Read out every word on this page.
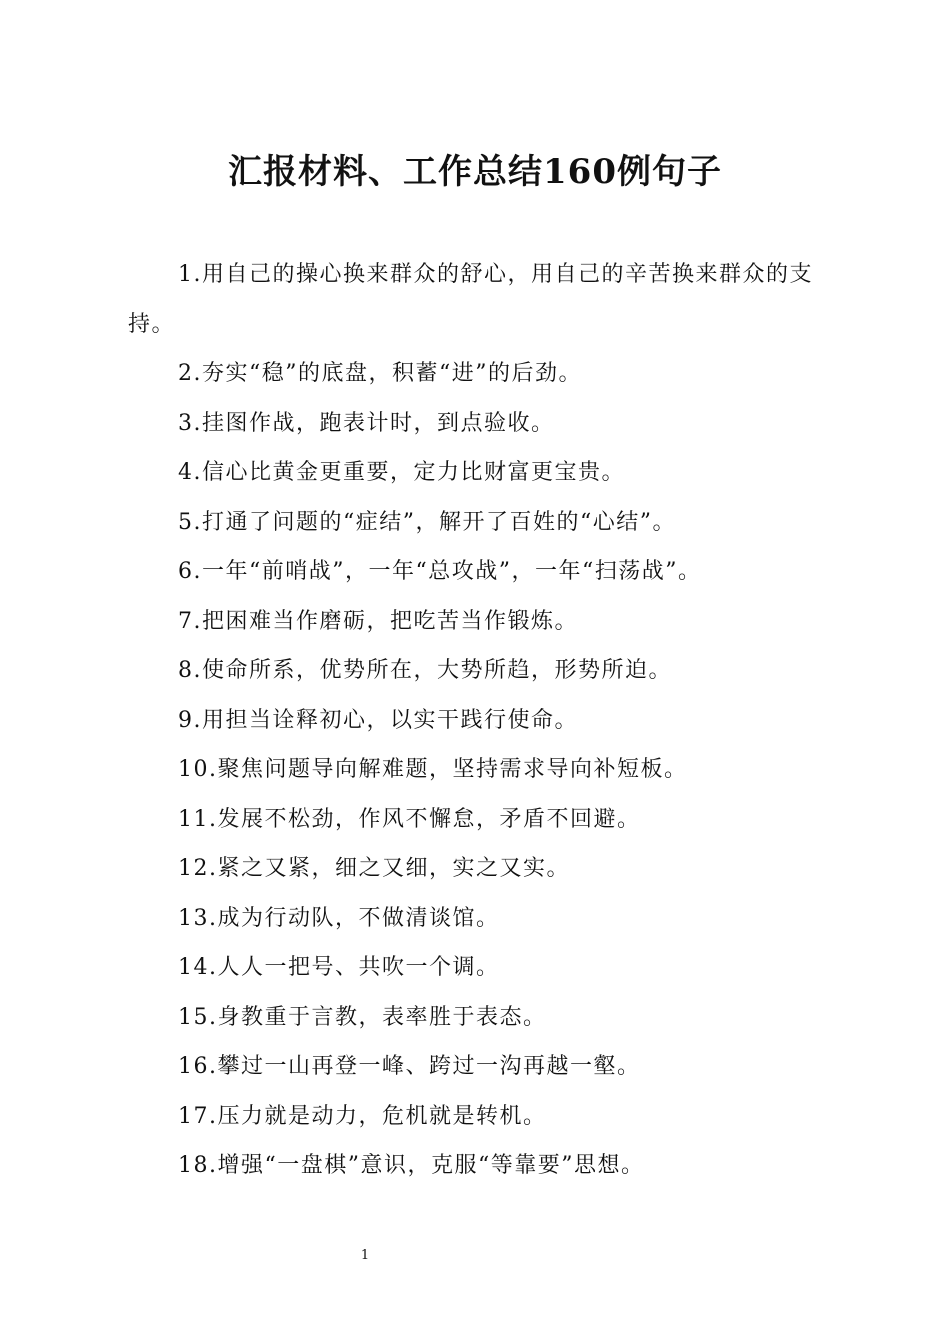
汇报材料、工作总结160例句子

1.用自己的操心换来群众的舒心，用自己的辛苦换来群众的支持。

2.夯实“稳”的底盘，积蓄“进”的后劲。

3.挂图作战，跑表计时，到点验收。

4.信心比黄金更重要，定力比财富更宝贵。

5.打通了问题的“症结”，解开了百姓的“心结”。

6.一年“前哨战”，一年“总攻战”，一年“扫荡战”。

7.把困难当作磨砺，把吃苦当作锻炼。

8.使命所系，优势所在，大势所趋，形势所迫。

9.用担当诠释初心，以实干践行使命。

10.聚焦问题导向解难题，坚持需求导向补短板。

11.发展不松劲，作风不懈怠，矛盾不回避。

12.紧之又紧，细之又细，实之又实。

13.成为行动队，不做清谈馆。

14.人人一把号、共吹一个调。

15.身教重于言教，表率胜于表态。

16.攀过一山再登一峰、跨过一沟再越一壑。

17.压力就是动力，危机就是转机。

18.增强“一盘棋”意识，克服“等靠要”思想。

1
